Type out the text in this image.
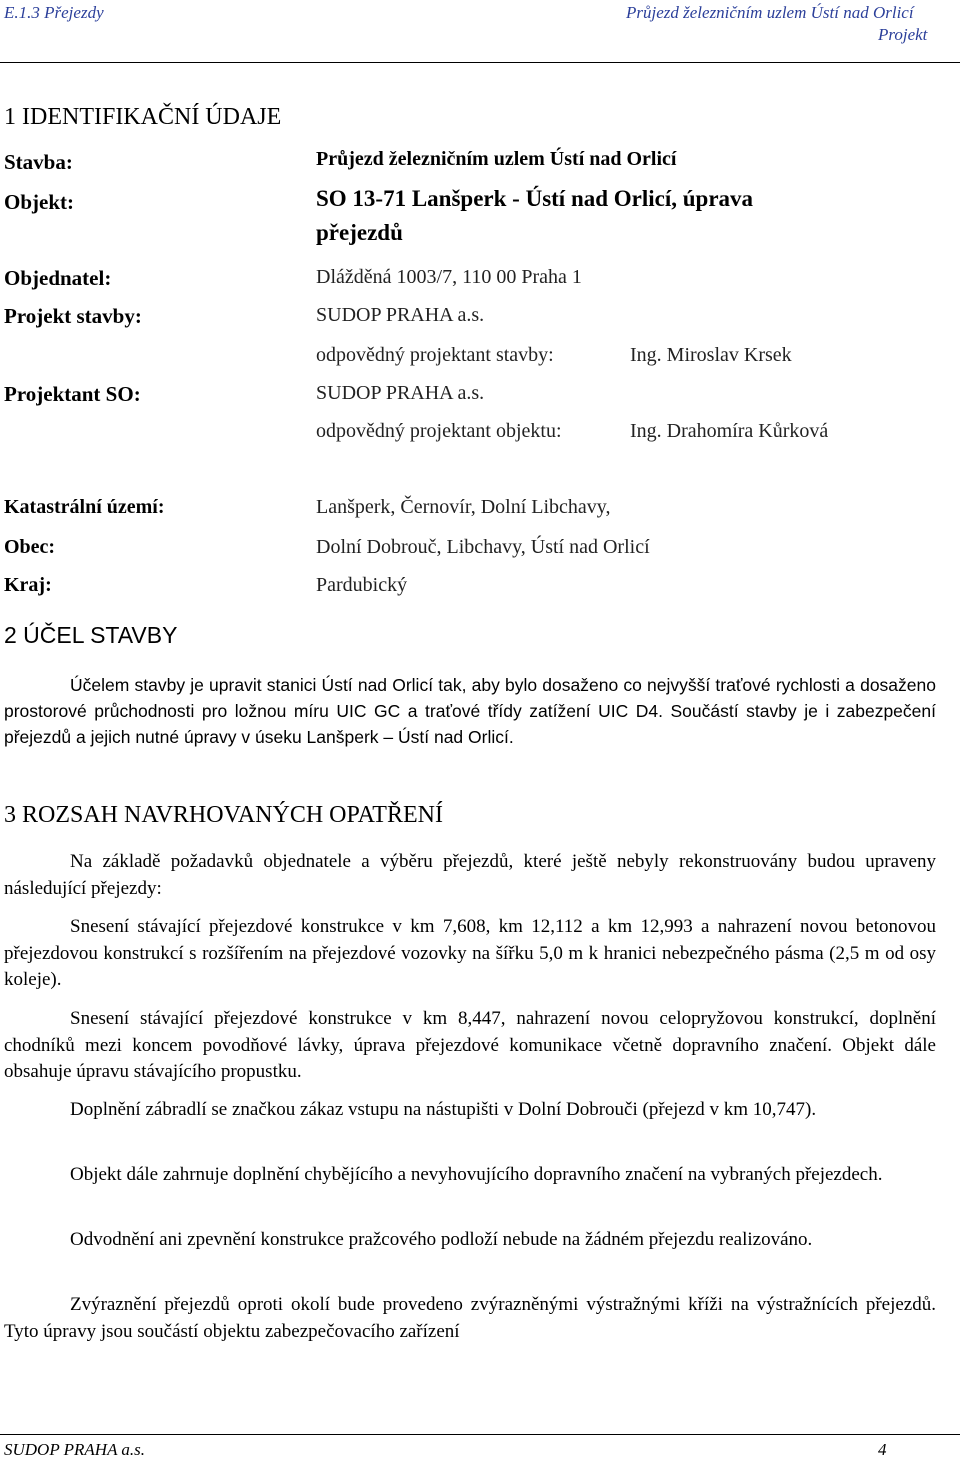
E.1.3 Přejezdy	Průjezd železničním uzlem Ústí nad Orlicí
Projekt
1 IDENTIFIKAČNÍ ÚDAJE
Stavba:	Průjezd železničním uzlem Ústí nad Orlicí
Objekt:	SO 13-71 Lanšperk - Ústí nad Orlicí, úprava
přejezdů
Objednatel:	Dlážděná 1003/7, 110 00 Praha 1
Projekt stavby:	SUDOP PRAHA a.s.
odpovědný projektant stavby:	Ing. Miroslav Krsek
Projektant SO:	SUDOP PRAHA a.s.
odpovědný projektant objektu:	Ing. Drahomíra Kůrková
Katastrální území:	Lanšperk, Černovír, Dolní Libchavy,
Obec:	Dolní Dobrouč, Libchavy, Ústí nad Orlicí
Kraj:	Pardubický
2 ÚČEL STAVBY
Účelem stavby je upravit stanici Ústí nad Orlicí tak, aby bylo dosaženo co nejvyšší traťové rychlosti a dosaženo prostorové průchodnosti pro ložnou míru UIC GC a traťové třídy zatížení UIC D4. Součástí stavby je i zabezpečení přejezdů a jejich nutné úpravy v úseku Lanšperk – Ústí nad Orlicí.
3 ROZSAH NAVRHOVANÝCH OPATŘENÍ
Na základě požadavků objednatele a výběru přejezdů, které ještě nebyly rekonstruovány budou upraveny následující přejezdy:
Snesení stávající přejezdové konstrukce v km 7,608, km 12,112 a km 12,993 a nahrazení novou betonovou přejezdovou konstrukcí s rozšířením na přejezdové vozovky na šířku 5,0 m k hranici nebezpečného pásma (2,5 m od osy koleje).
Snesení stávající přejezdové konstrukce v km 8,447, nahrazení novou celopryžovou konstrukcí, doplnění chodníků mezi koncem povodňové lávky, úprava přejezdové komunikace včetně dopravního značení. Objekt dále obsahuje úpravu stávajícího propustku.
Doplnění zábradlí se značkou zákaz vstupu na nástupišti v Dolní Dobrouči (přejezd v km 10,747).
Objekt dále zahrnuje doplnění chybějícího a nevyhovujícího dopravního značení na vybraných přejezdech.
Odvodnění ani zpevnění konstrukce pražcového podloží nebude na žádném přejezdu realizováno.
Zvýraznění přejezdů oproti okolí bude provedeno zvýrazněnými výstražnými kříži na výstražnících přejezdů. Tyto úpravy jsou součástí objektu zabezpečovacího zařízení
SUDOP PRAHA a.s.	4
